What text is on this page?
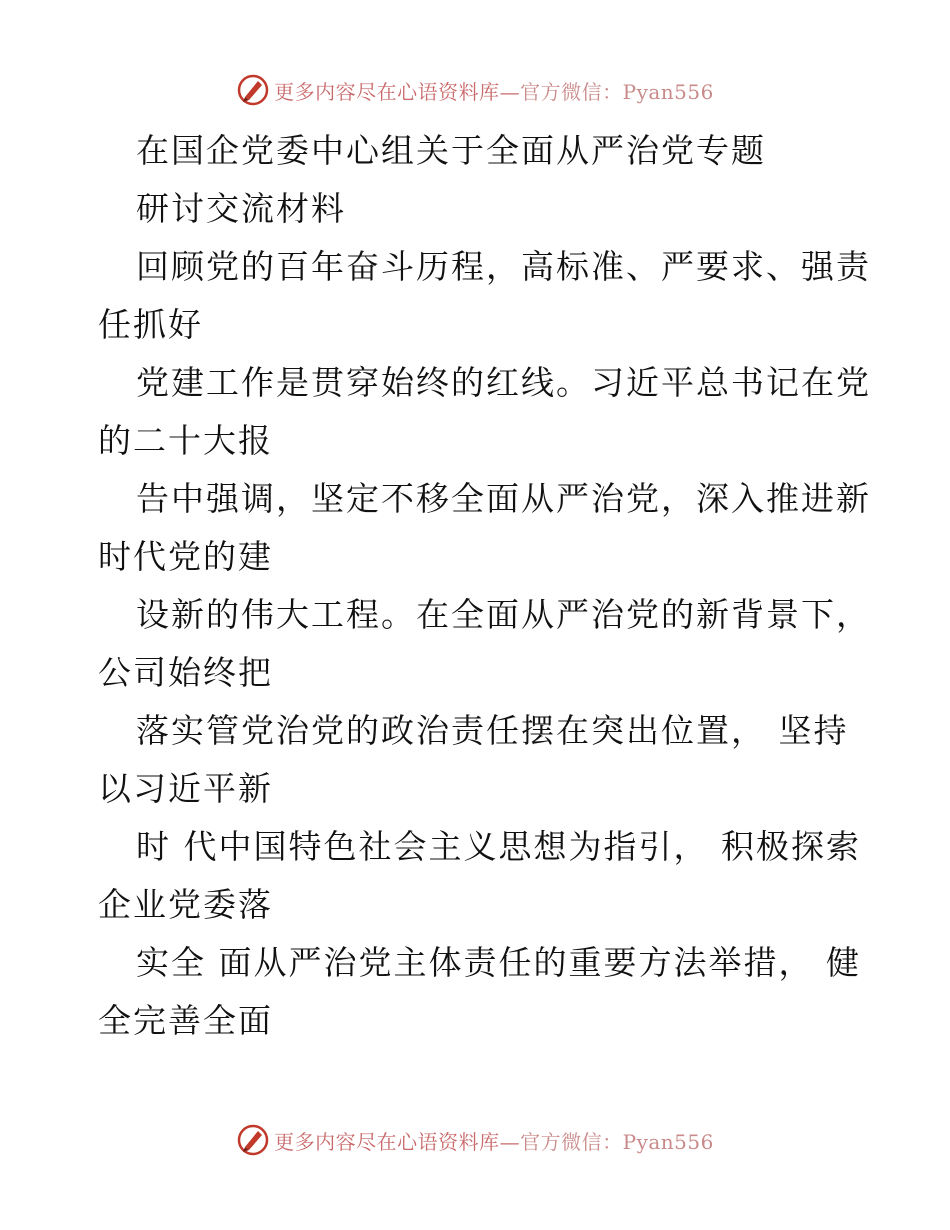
更多内容尽在心语资料库—官方微信：Pyan556
在国企党委中心组关于全面从严治党专题
研讨交流材料
回顾党的百年奋斗历程，高标准、严要求、强责
任抓好
党建工作是贯穿始终的红线。习近平总书记在党
的二十大报
告中强调，坚定不移全面从严治党，深入推进新
时代党的建
设新的伟大工程。在全面从严治党的新背景下，
公司始终把
落实管党治党的政治责任摆在突出位置， 坚持
以习近平新
时 代中国特色社会主义思想为指引， 积极探索
企业党委落
实全 面从严治党主体责任的重要方法举措， 健
全完善全面
更多内容尽在心语资料库—官方微信：Pyan556
